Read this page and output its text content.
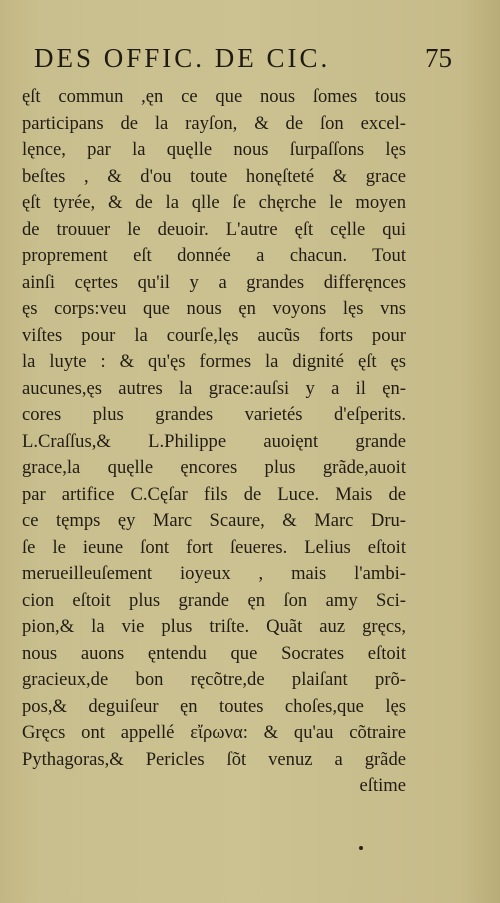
DES OFFIC. DE CIC.	75
ęſt commun ,ęn ce que nous ſomes tous
participans de la rayſon, & de ſon excel-
lęnce, par la quęlle nous ſurpaſſons lęs
beſtes , & d'ou toute honęſteté & grace
ęſt tyrée, & de la qlle ſe chęrche le moyen
de trouuer le deuoir. L'autre ęſt cęlle qui
proprement eſt donnée a chacun. Tout
ainſi cęrtes qu'il y a grandes differęnces
ęs corps:veu que nous ęn voyons lęs vns
viſtes pour la courſe,lęs aucũs forts pour
la luyte : & qu'ęs formes la dignité ęſt ęs
aucunes,ęs autres la grace:auſsi y a il ęn-
cores plus grandes varietés d'eſperits.
L.Craſſus,& L.Philippe auoięnt grande
grace,la quęlle ęncores plus grãde,auoit
par artifice C.Cęſar fils de Luce. Mais de
ce tęmps ęy Marc Scaure, & Marc Dru-
ſe le ieune ſont fort ſeueres. Lelius eſtoit
merueilleuſement ioyeux , mais l'ambi-
cion eſtoit plus grande ęn ſon amy Sci-
pion,& la vie plus triſte. Quãt auz gręcs,
nous auons ęntendu que Socrates eſtoit
gracieux,de bon ręcõtre,de plaiſant prõ-
pos,& deguiſeur ęn toutes choſes,que lęs
Gręcs ont appellé εἴρωνα: & qu'au cõtraire
Pythagoras,& Pericles ſõt venuz a grãde
eſtime
